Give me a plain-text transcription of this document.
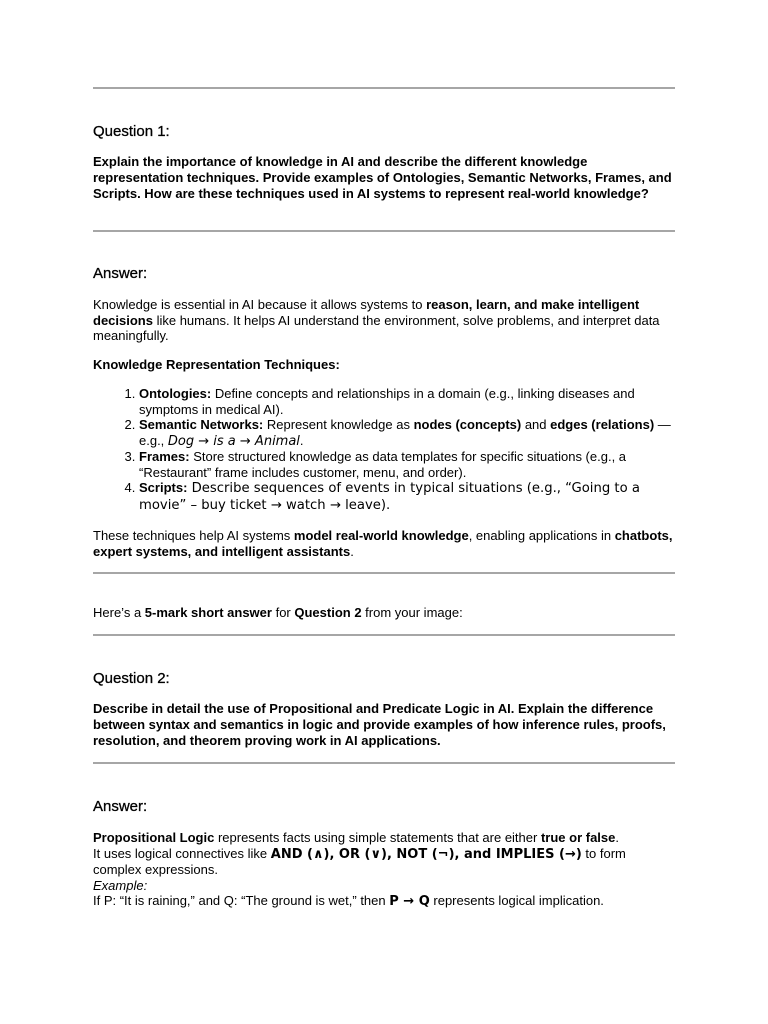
Question 1:

Explain the importance of knowledge in AI and describe the different knowledge representation techniques. Provide examples of Ontologies, Semantic Networks, Frames, and Scripts. How are these techniques used in AI systems to represent real-world knowledge?

Answer:

Knowledge is essential in AI because it allows systems to reason, learn, and make intelligent decisions like humans. It helps AI understand the environment, solve problems, and interpret data meaningfully.

Knowledge Representation Techniques:

1. Ontologies: Define concepts and relationships in a domain (e.g., linking diseases and symptoms in medical AI).
2. Semantic Networks: Represent knowledge as nodes (concepts) and edges (relations) — e.g., Dog → is a → Animal.
3. Frames: Store structured knowledge as data templates for specific situations (e.g., a “Restaurant” frame includes customer, menu, and order).
4. Scripts: Describe sequences of events in typical situations (e.g., “Going to a movie” – buy ticket → watch → leave).

These techniques help AI systems model real-world knowledge, enabling applications in chatbots, expert systems, and intelligent assistants.

Here’s a 5-mark short answer for Question 2 from your image:

Question 2:

Describe in detail the use of Propositional and Predicate Logic in AI. Explain the difference between syntax and semantics in logic and provide examples of how inference rules, proofs, resolution, and theorem proving work in AI applications.

Answer:

Propositional Logic represents facts using simple statements that are either true or false.
It uses logical connectives like AND (∧), OR (∨), NOT (¬), and IMPLIES (→) to form complex expressions.
Example:
If P: “It is raining,” and Q: “The ground is wet,” then P → Q represents logical implication.
